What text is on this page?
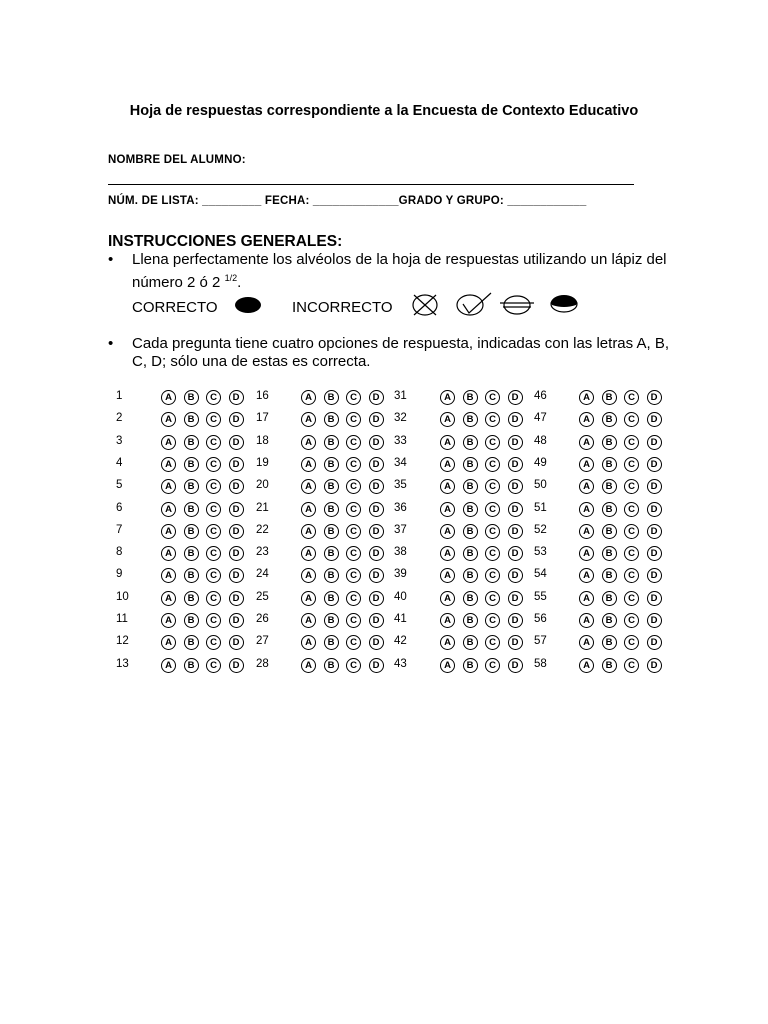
Hoja de respuestas correspondiente a la Encuesta de Contexto Educativo
NOMBRE DEL ALUMNO:
NÚM. DE LISTA: _________ FECHA: _____________GRADO Y GRUPO: ____________
INSTRUCCIONES GENERALES:
• Llena perfectamente los alvéolos de la hoja de respuestas utilizando un lápiz del número 2 ó 2 $^{1/2}$.
CORRECTO	INCORRECTO
• Cada pregunta tiene cuatro opciones de respuesta, indicadas con las letras A, B, C, D; sólo una de estas es correcta.
1	A	B	C	D
2	A	B	C	D
3	A	B	C	D
4	A	B	C	D
5	A	B	C	D
6	A	B	C	D
7	A	B	C	D
8	A	B	C	D
9	A	B	C	D
10	A	B	C	D
11	A	B	C	D
12	A	B	C	D
13	A	B	C	D
16	A	B	C	D
17	A	B	C	D
18	A	B	C	D
19	A	B	C	D
20	A	B	C	D
21	A	B	C	D
22	A	B	C	D
23	A	B	C	D
24	A	B	C	D
25	A	B	C	D
26	A	B	C	D
27	A	B	C	D
28	A	B	C	D
31	A	B	C	D
32	A	B	C	D
33	A	B	C	D
34	A	B	C	D
35	A	B	C	D
36	A	B	C	D
37	A	B	C	D
38	A	B	C	D
39	A	B	C	D
40	A	B	C	D
41	A	B	C	D
42	A	B	C	D
43	A	B	C	D
46	A	B	C	D
47	A	B	C	D
48	A	B	C	D
49	A	B	C	D
50	A	B	C	D
51	A	B	C	D
52	A	B	C	D
53	A	B	C	D
54	A	B	C	D
55	A	B	C	D
56	A	B	C	D
57	A	B	C	D
58	A	B	C	D
